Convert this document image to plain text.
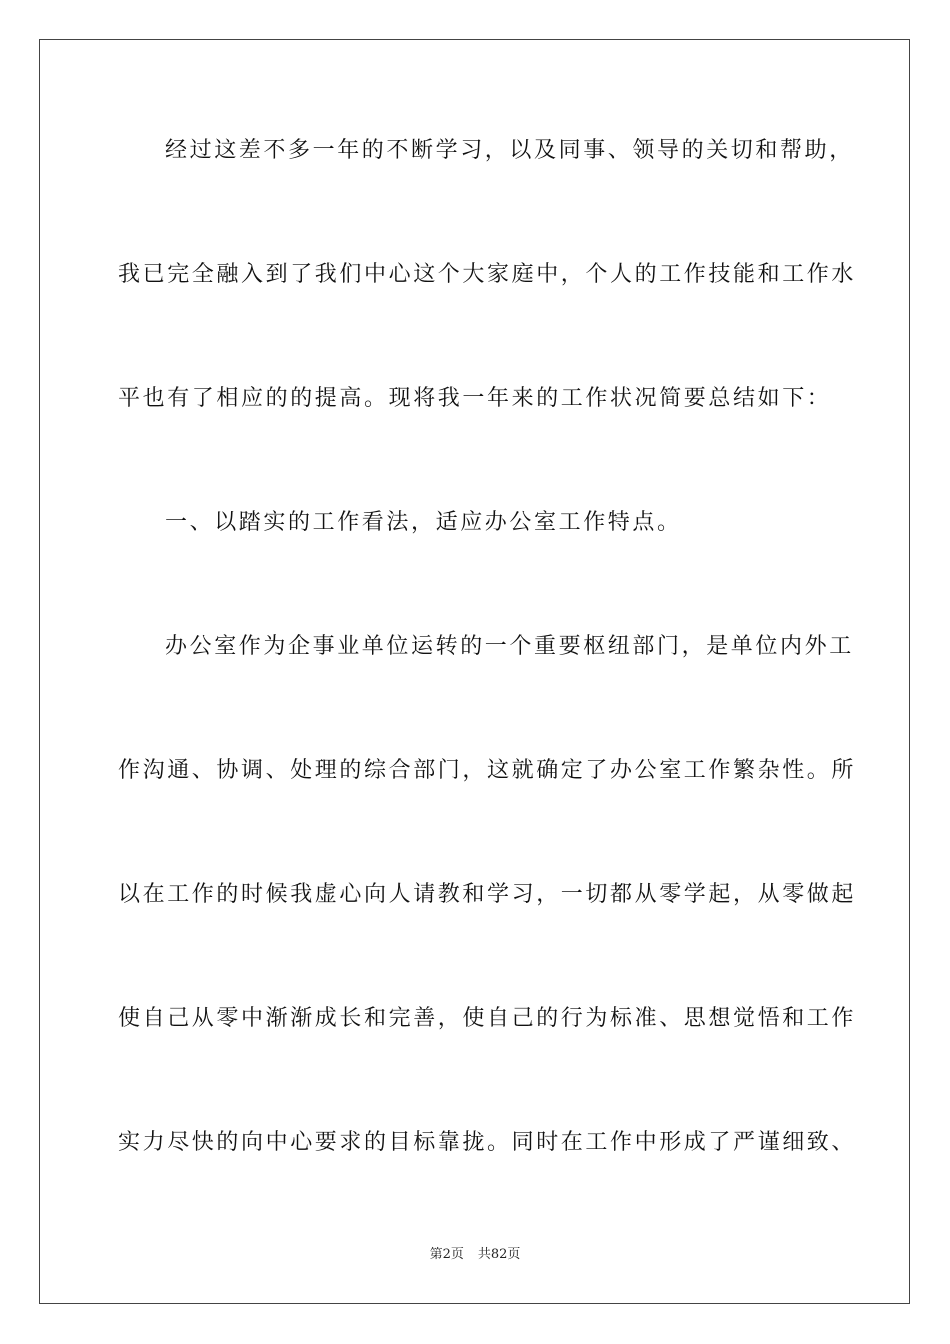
经过这差不多一年的不断学习，以及同事、领导的关切和帮助，
我已完全融入到了我们中心这个大家庭中，个人的工作技能和工作水
平也有了相应的的提高。现将我一年来的工作状况简要总结如下：
一、以踏实的工作看法，适应办公室工作特点。
办公室作为企事业单位运转的一个重要枢纽部门，是单位内外工
作沟通、协调、处理的综合部门，这就确定了办公室工作繁杂性。所
以在工作的时候我虚心向人请教和学习，一切都从零学起，从零做起
使自己从零中渐渐成长和完善，使自己的行为标准、思想觉悟和工作
实力尽快的向中心要求的目标靠拢。同时在工作中形成了严谨细致、
第2页 共82页
